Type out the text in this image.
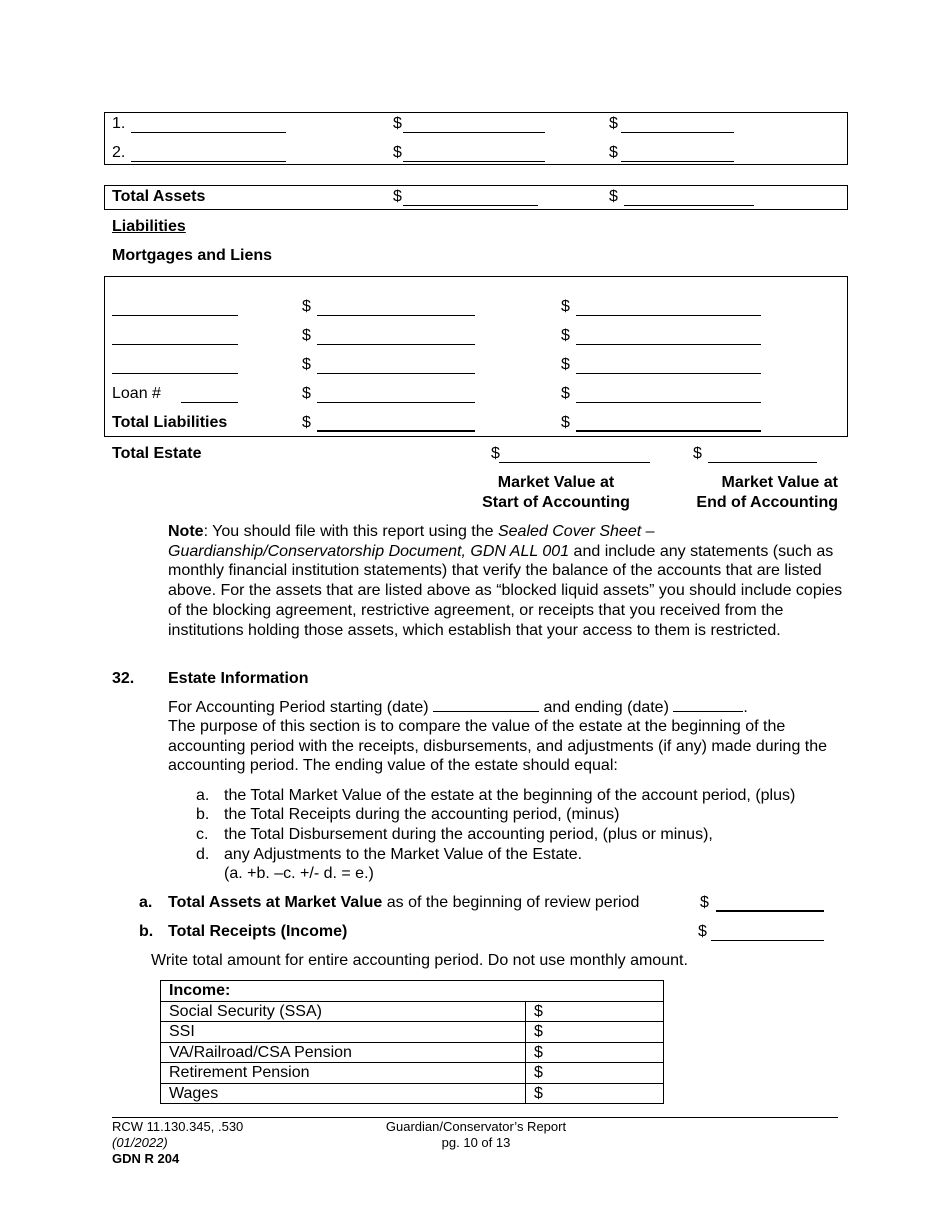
1.	$	$
2.	$	$
Total Assets	$	$
Liabilities
Mortgages and Liens
$	$
$	$
$	$
Loan #	$	$
Total Liabilities	$	$
Total Estate	$	$
Market Value at
Start of Accounting
Market Value at
End of Accounting
Note: You should file with this report using the Sealed Cover Sheet – Guardianship/Conservatorship Document, GDN ALL 001 and include any statements (such as monthly financial institution statements) that verify the balance of the accounts that are listed above. For the assets that are listed above as “blocked liquid assets” you should include copies of the blocking agreement, restrictive agreement, or receipts that you received from the institutions holding those assets, which establish that your access to them is restricted.
32. Estate Information
For Accounting Period starting (date)	and ending (date)	.
The purpose of this section is to compare the value of the estate at the beginning of the accounting period with the receipts, disbursements, and adjustments (if any) made during the accounting period. The ending value of the estate should equal:
a. the Total Market Value of the estate at the beginning of the account period, (plus)
b. the Total Receipts during the accounting period, (minus)
c. the Total Disbursement during the accounting period, (plus or minus),
d. any Adjustments to the Market Value of the Estate.
(a. +b. –c. +/- d. = e.)
a. Total Assets at Market Value as of the beginning of review period	$
b. Total Receipts (Income)	$
Write total amount for entire accounting period. Do not use monthly amount.
Income:	
Social Security (SSA)	$
SSI	$
VA/Railroad/CSA Pension	$
Retirement Pension	$
Wages	$
RCW 11.130.345, .530
(01/2022)
GDN R 204
Guardian/Conservator’s Report
pg. 10 of 13
